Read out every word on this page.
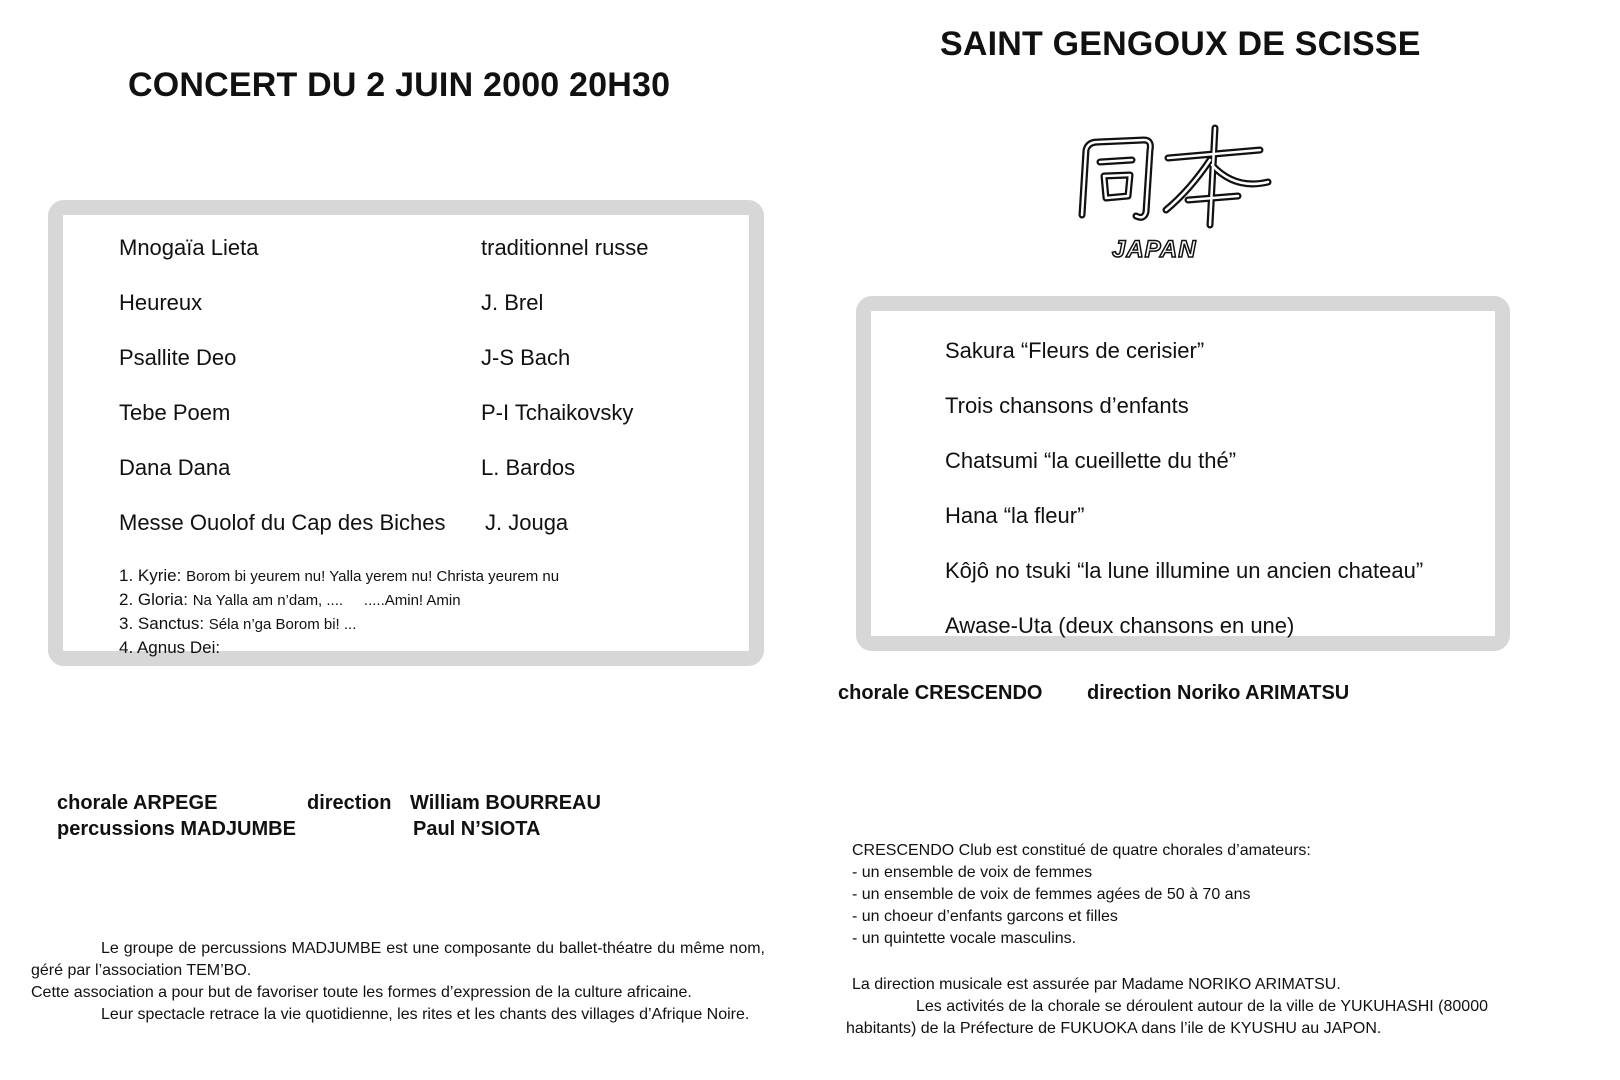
CONCERT DU 2 JUIN 2000 20H30
Mnogaïa Lieta	traditionnel russe
Heureux	J. Brel
Psallite Deo	J-S Bach
Tebe Poem	P-I Tchaikovsky
Dana Dana	L. Bardos
Messe Ouolof du Cap des Biches J. Jouga
1. Kyrie: Borom bi yeurem nu! Yalla yerem nu! Christa yeurem nu
2. Gloria: Na Yalla am n’dam, ....     .....Amin! Amin
3. Sanctus: Séla n’ga Borom bi! ...
4. Agnus Dei:
chorale ARPEGE	direction William BOURREAU
percussions MADJUMBE	Paul N’SIOTA

Le groupe de percussions MADJUMBE est une composante du ballet-théatre du même nom, géré par l’association TEM’BO.

Cette association a pour but de favoriser toute les formes d’expression de la culture africaine.

Leur spectacle retrace la vie quotidienne, les rites et les chants des villages d’Afrique Noire.

SAINT GENGOUX DE SCISSE
JAPAN
Sakura “Fleurs de cerisier”
Trois chansons d’enfants
Chatsumi “la cueillette du thé”
Hana “la fleur”
Kôjô no tsuki “la lune illumine un ancien chateau”
Awase-Uta (deux chansons en une)
chorale CRESCENDO direction Noriko ARIMATSU
CRESCENDO Club est constitué de quatre chorales d’amateurs:
- un ensemble de voix de femmes
- un ensemble de voix de femmes agées de 50 à 70 ans
- un choeur d’enfants garcons et filles
- un quintette vocale masculins.
La direction musicale est assurée par Madame NORIKO ARIMATSU.

Les activités de la chorale se déroulent autour de la ville de YUKUHASHI (80000 habitants) de la Préfecture de FUKUOKA dans l’ile de KYUSHU au JAPON.
